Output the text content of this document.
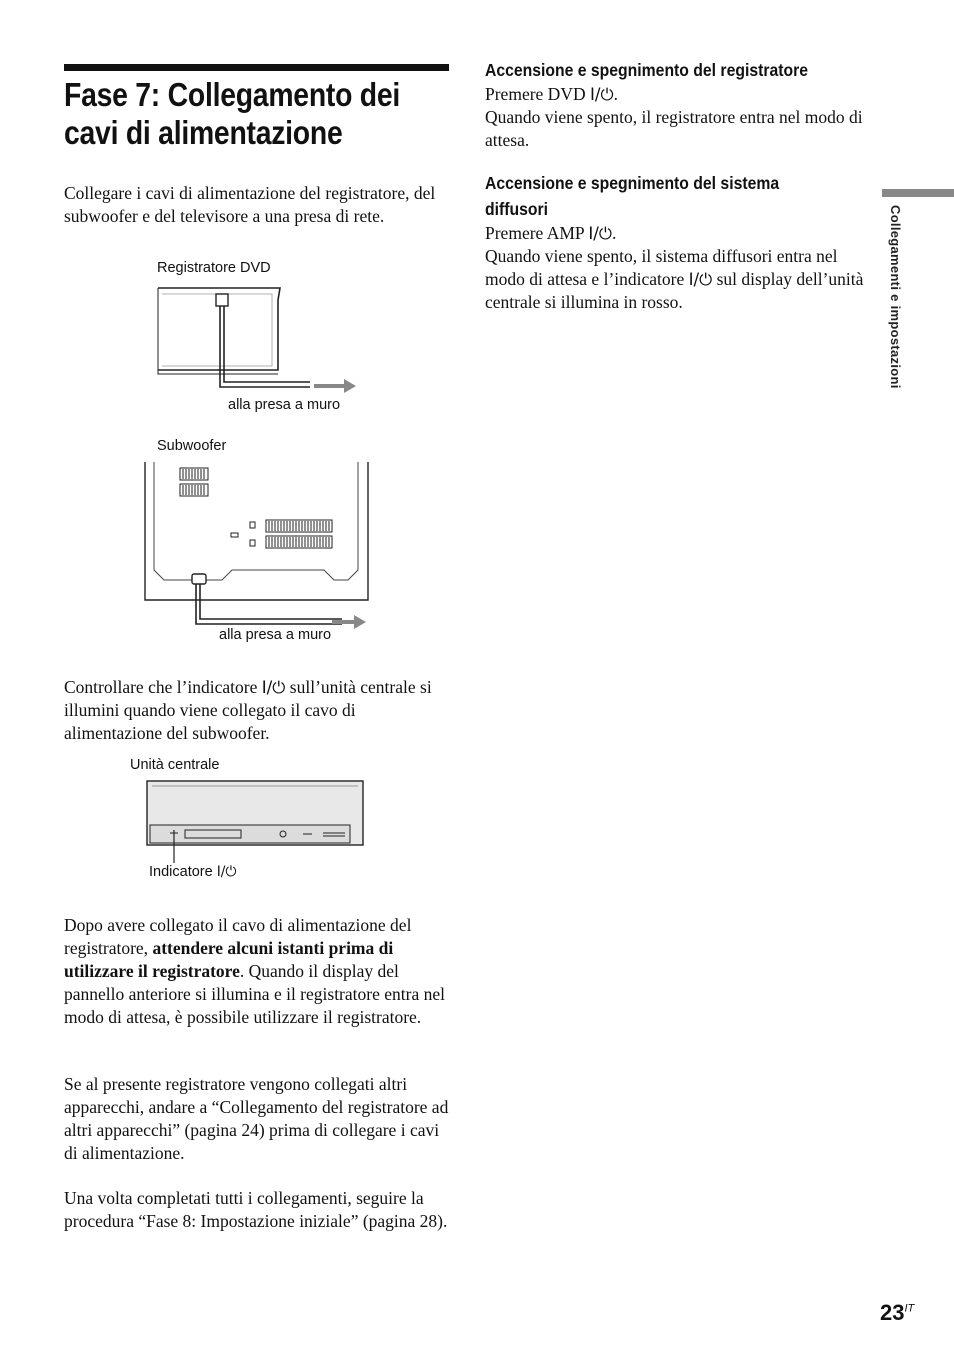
Fase 7: Collegamento dei
cavi di alimentazione

Collegare i cavi di alimentazione del registratore, del subwoofer e del televisore a una presa di rete.

Registratore DVD
alla presa a muro
Subwoofer
alla presa a muro

Controllare che l’indicatore I/⏻ sull’unità centrale si illumini quando viene collegato il cavo di alimentazione del subwoofer.

Unità centrale
Indicatore I/⏻

Dopo avere collegato il cavo di alimentazione del registratore, attendere alcuni istanti prima di utilizzare il registratore. Quando il display del pannello anteriore si illumina e il registratore entra nel modo di attesa, è possibile utilizzare il registratore.

Se al presente registratore vengono collegati altri apparecchi, andare a “Collegamento del registratore ad altri apparecchi” (pagina 24) prima di collegare i cavi di alimentazione.

Una volta completati tutti i collegamenti, seguire la procedura “Fase 8: Impostazione iniziale” (pagina 28).

Accensione e spegnimento del registratore

Premere DVD I/⏻.
Quando viene spento, il registratore entra nel modo di attesa.

Accensione e spegnimento del sistema diffusori

Premere AMP I/⏻.
Quando viene spento, il sistema diffusori entra nel modo di attesa e l’indicatore I/⏻ sul display dell’unità centrale si illumina in rosso.	Collegamenti e impostazioni
$23^{IT}$
